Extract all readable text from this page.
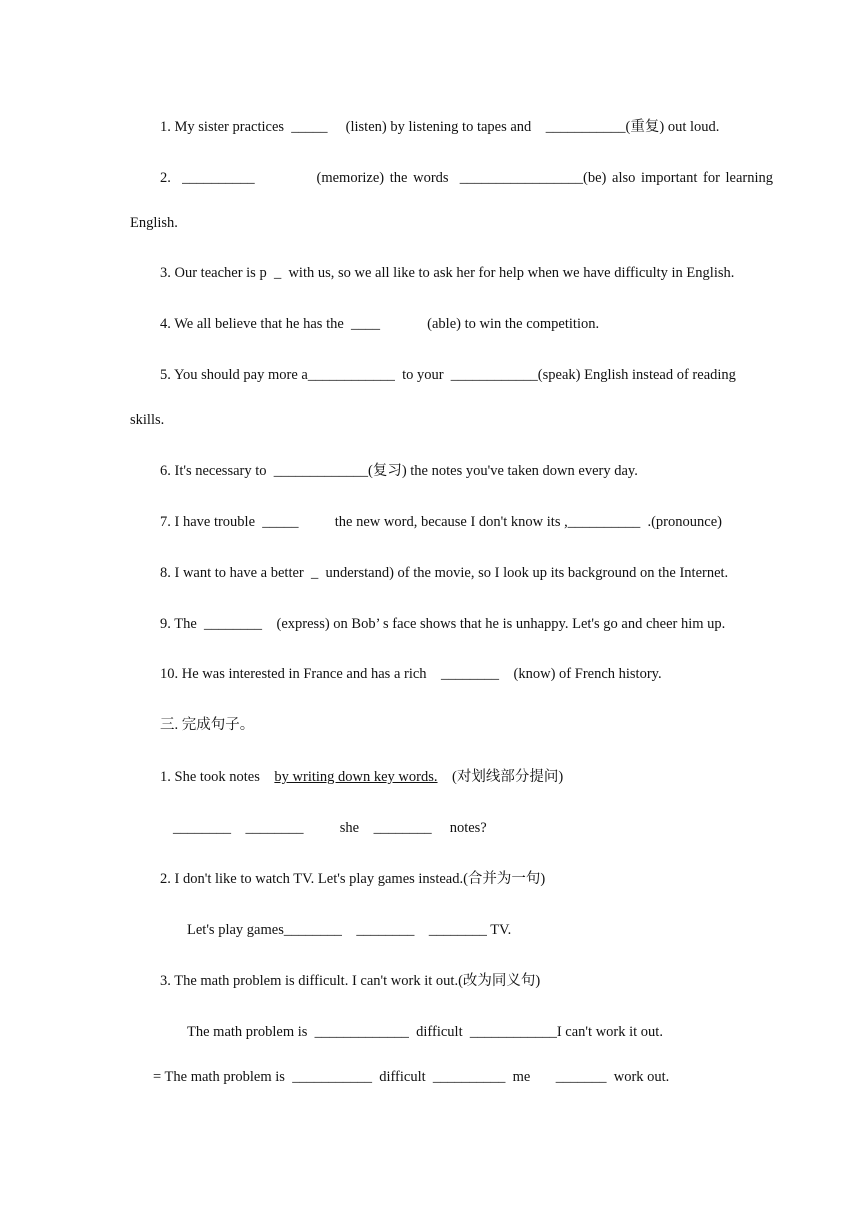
1. My sister practices  _____     (listen) by listening to tapes and    ___________(重复) out loud.
2.  __________           (memorize) the words  _________________(be) also important for learning
English.
3. Our teacher is p  _  with us, so we all like to ask her for help when we have difficulty in English.
4. We all believe that he has the  ____             (able) to win the competition.
5. You should pay more a____________  to your  ____________(speak) English instead of reading
skills.
6. It's necessary to  _____________(复习) the notes you've taken down every day.
7. I have trouble  _____          the new word, because I don't know its ,__________  .(pronounce)
8. I want to have a better  _  understand) of the movie, so I look up its background on the Internet.
9. The  ________    (express) on Bob’ s face shows that he is unhappy. Let's go and cheer him up.
10. He was interested in France and has a rich    ________    (know) of French history.
三. 完成句子。
1. She took notes    by writing down key words.    (对划线部分提问)
________    ________          she    ________     notes?
2. I don't like to watch TV. Let's play games instead.(合并为一句)
Let's play games________    ________    ________ TV.
3. The math problem is difficult. I can't work it out.(改为同义句)
The math problem is  _____________  difficult  ____________I can't work it out.
= The math problem is  ___________  difficult  __________  me       _______  work out.
